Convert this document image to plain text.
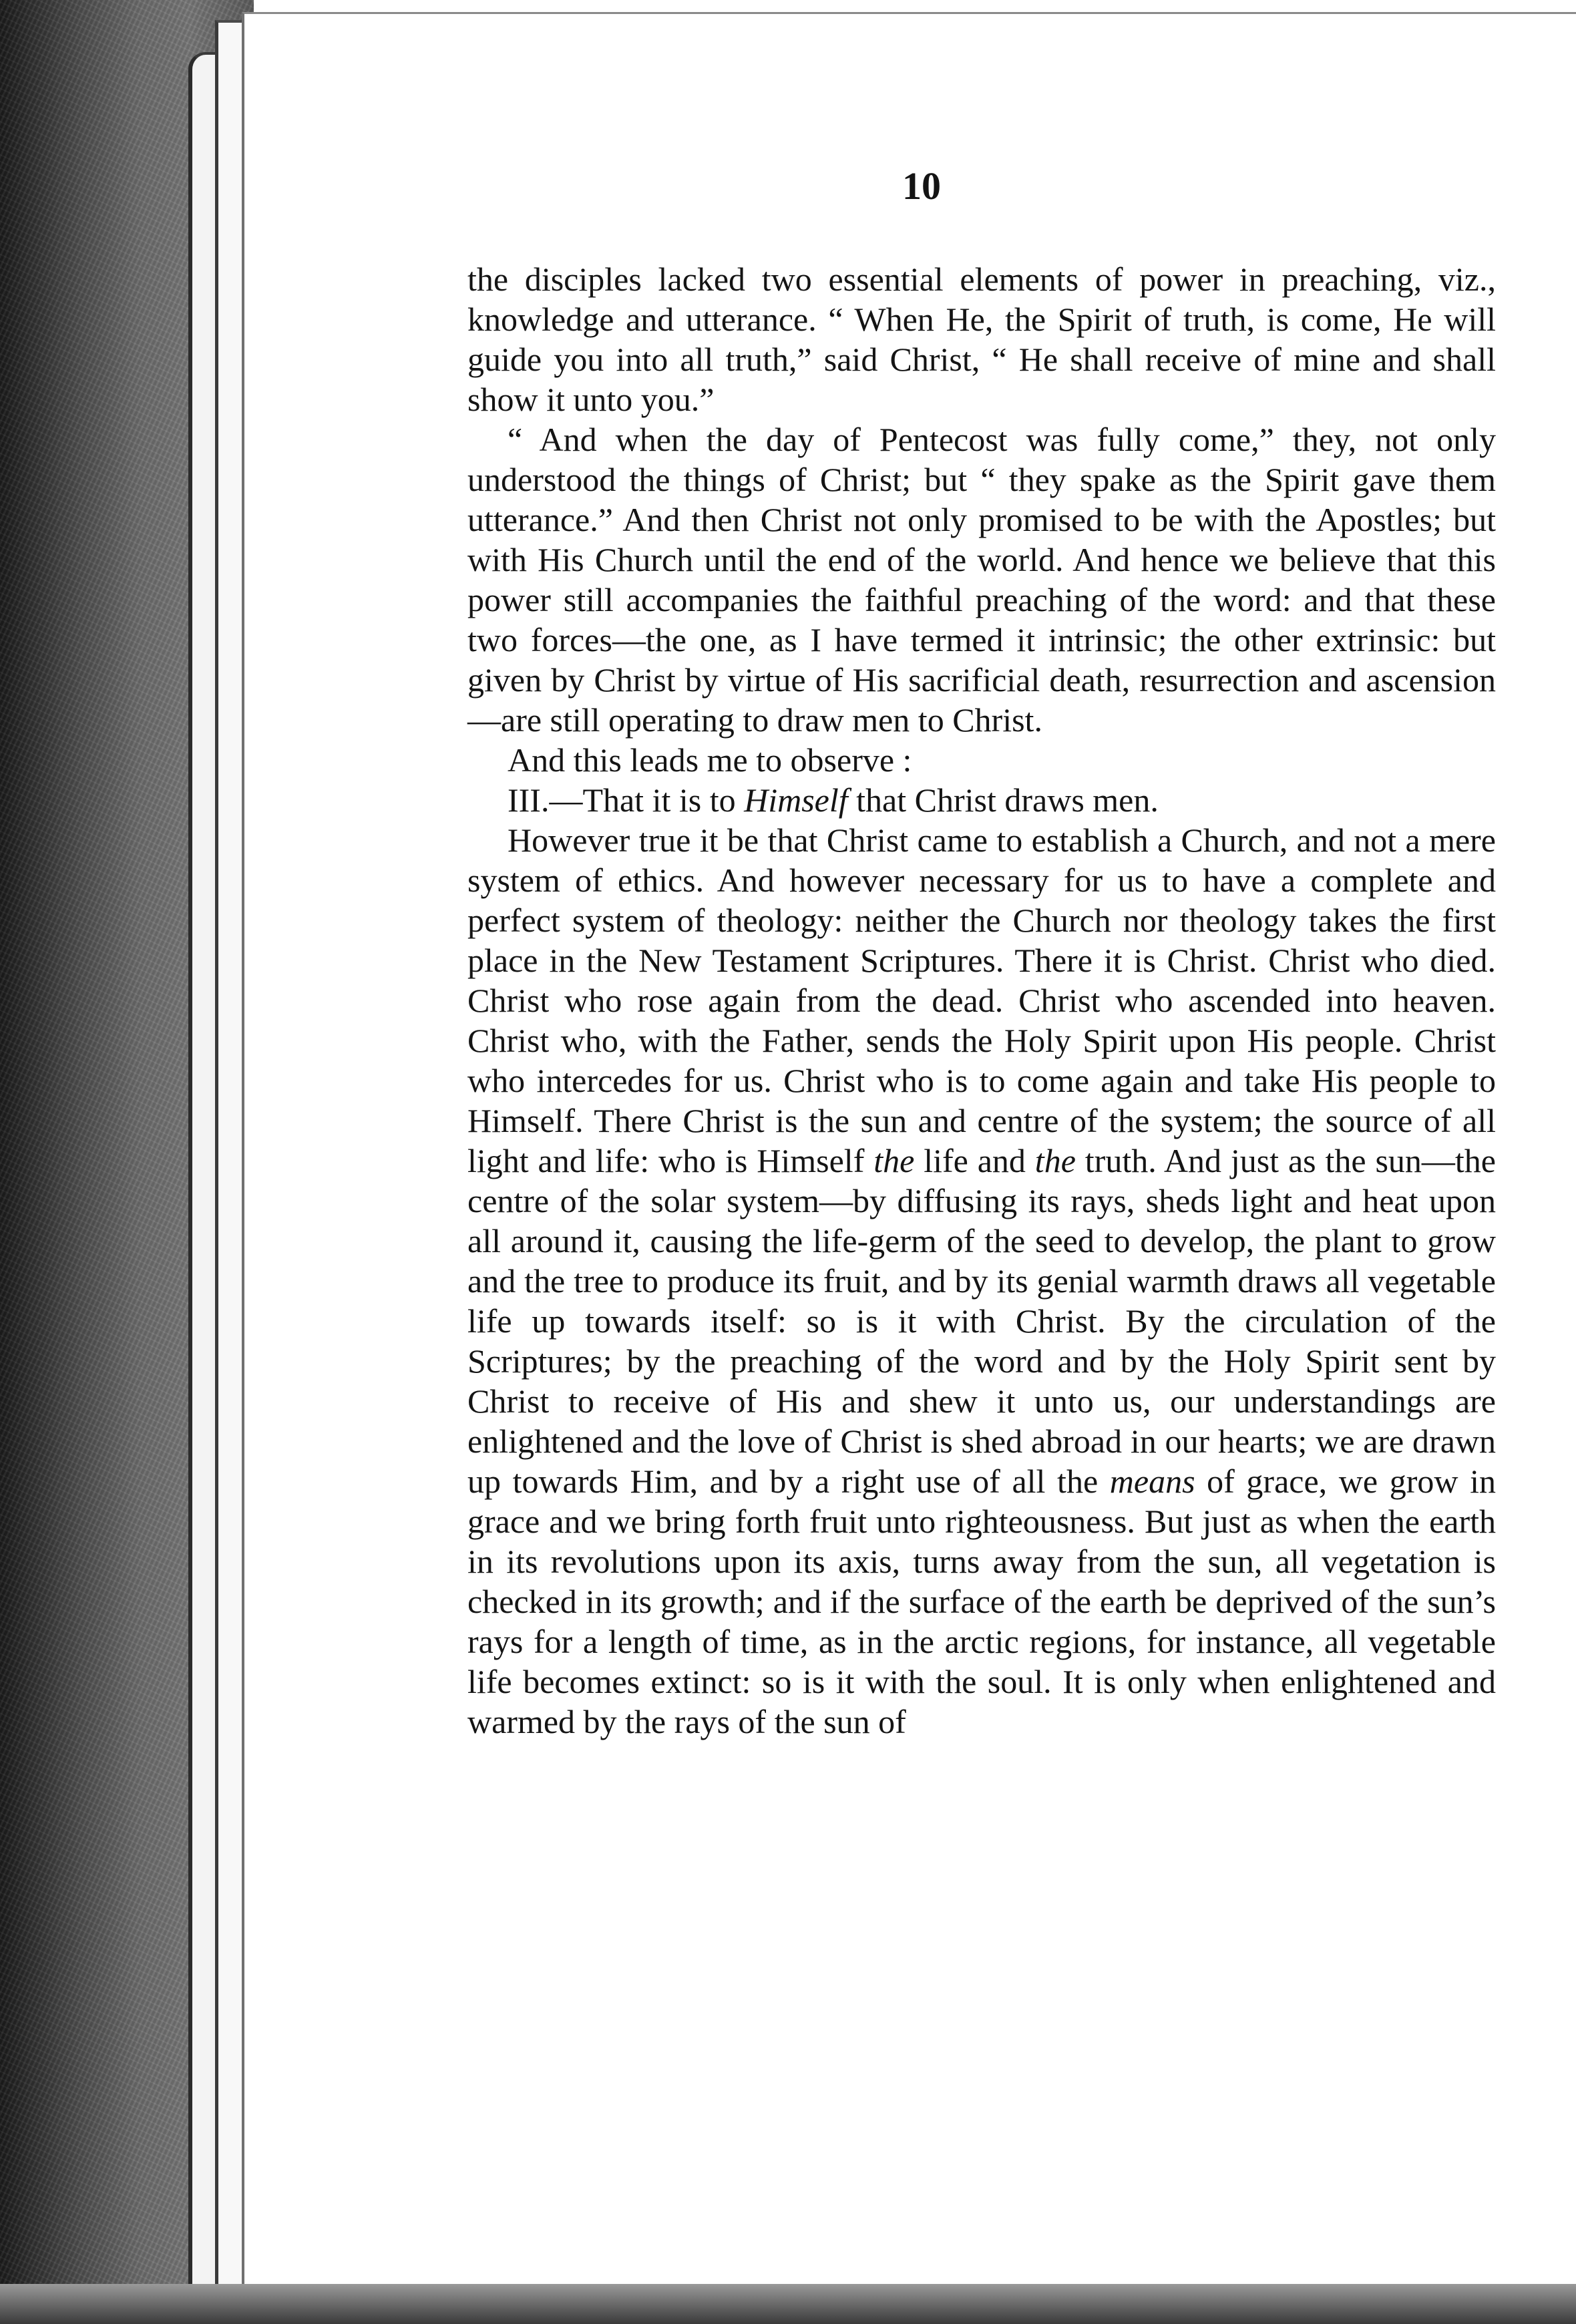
10

the disciples lacked two essential elements of power in preaching, viz., knowledge and utterance. “ When He, the Spirit of truth, is come, He will guide you into all truth,” said Christ, “ He shall receive of mine and shall show it unto you.”

“ And when the day of Pentecost was fully come,” they, not only understood the things of Christ; but “ they spake as the Spirit gave them utterance.” And then Christ not only promised to be with the Apostles; but with His Church until the end of the world. And hence we believe that this power still accompanies the faithful preaching of the word: and that these two forces—the one, as I have termed it intrinsic; the other extrinsic: but given by Christ by virtue of His sacrificial death, resurrection and ascension—are still operating to draw men to Christ.

And this leads me to observe :

III.—That it is to Himself that Christ draws men.

However true it be that Christ came to establish a Church, and not a mere system of ethics. And however necessary for us to have a complete and perfect system of theology: neither the Church nor theology takes the first place in the New Testament Scriptures. There it is Christ. Christ who died. Christ who rose again from the dead. Christ who ascended into heaven. Christ who, with the Father, sends the Holy Spirit upon His people. Christ who intercedes for us. Christ who is to come again and take His people to Himself. There Christ is the sun and centre of the system; the source of all light and life: who is Himself the life and the truth. And just as the sun—the centre of the solar system—by diffusing its rays, sheds light and heat upon all around it, causing the life-germ of the seed to develop, the plant to grow and the tree to produce its fruit, and by its genial warmth draws all vegetable life up towards itself: so is it with Christ. By the circulation of the Scriptures; by the preaching of the word and by the Holy Spirit sent by Christ to receive of His and shew it unto us, our understandings are enlightened and the love of Christ is shed abroad in our hearts; we are drawn up towards Him, and by a right use of all the means of grace, we grow in grace and we bring forth fruit unto righteousness. But just as when the earth in its revolutions upon its axis, turns away from the sun, all vegetation is checked in its growth; and if the surface of the earth be deprived of the sun’s rays for a length of time, as in the arctic regions, for instance, all vegetable life becomes extinct: so is it with the soul. It is only when enlightened and warmed by the rays of the sun of
